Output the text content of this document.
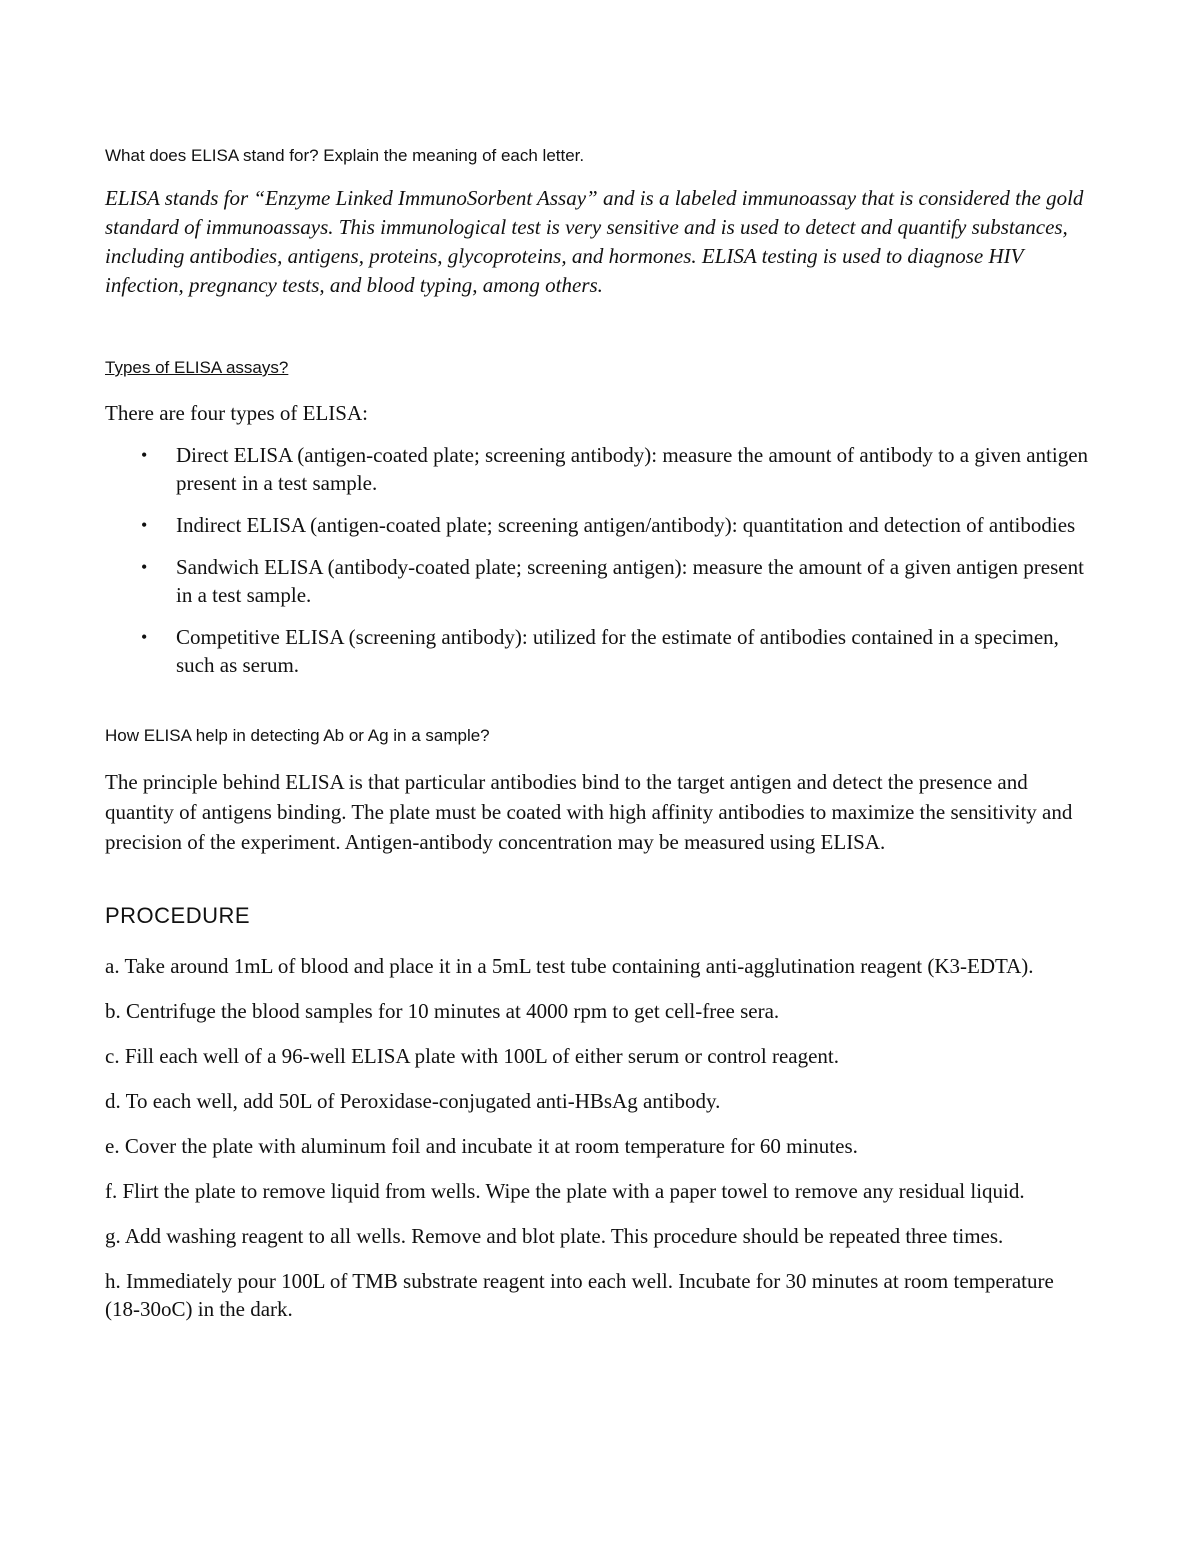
What does ELISA stand for? Explain the meaning of each letter.

ELISA stands for “Enzyme Linked ImmunoSorbent Assay” and is a labeled immunoassay that is considered the gold standard of immunoassays. This immunological test is very sensitive and is used to detect and quantify substances, including antibodies, antigens, proteins, glycoproteins, and hormones. ELISA testing is used to diagnose HIV infection, pregnancy tests, and blood typing, among others.

Types of ELISA assays?

There are four types of ELISA:

• Direct ELISA (antigen-coated plate; screening antibody): measure the amount of antibody to a given antigen present in a test sample.
• Indirect ELISA (antigen-coated plate; screening antigen/antibody): quantitation and detection of antibodies
• Sandwich ELISA (antibody-coated plate; screening antigen): measure the amount of a given antigen present in a test sample.
• Competitive ELISA (screening antibody): utilized for the estimate of antibodies contained in a specimen, such as serum.
How ELISA help in detecting Ab or Ag in a sample?

The principle behind ELISA is that particular antibodies bind to the target antigen and detect the presence and quantity of antigens binding. The plate must be coated with high affinity antibodies to maximize the sensitivity and precision of the experiment. Antigen-antibody concentration may be measured using ELISA.

PROCEDURE
a. Take around 1mL of blood and place it in a 5mL test tube containing anti-agglutination reagent (K3-EDTA).
b. Centrifuge the blood samples for 10 minutes at 4000 rpm to get cell-free sera.
c. Fill each well of a 96-well ELISA plate with 100L of either serum or control reagent.
d. To each well, add 50L of Peroxidase-conjugated anti-HBsAg antibody.
e. Cover the plate with aluminum foil and incubate it at room temperature for 60 minutes.
f. Flirt the plate to remove liquid from wells. Wipe the plate with a paper towel to remove any residual liquid.
g. Add washing reagent to all wells. Remove and blot plate. This procedure should be repeated three times.
h. Immediately pour 100L of TMB substrate reagent into each well. Incubate for 30 minutes at room temperature (18-30oC) in the dark.
